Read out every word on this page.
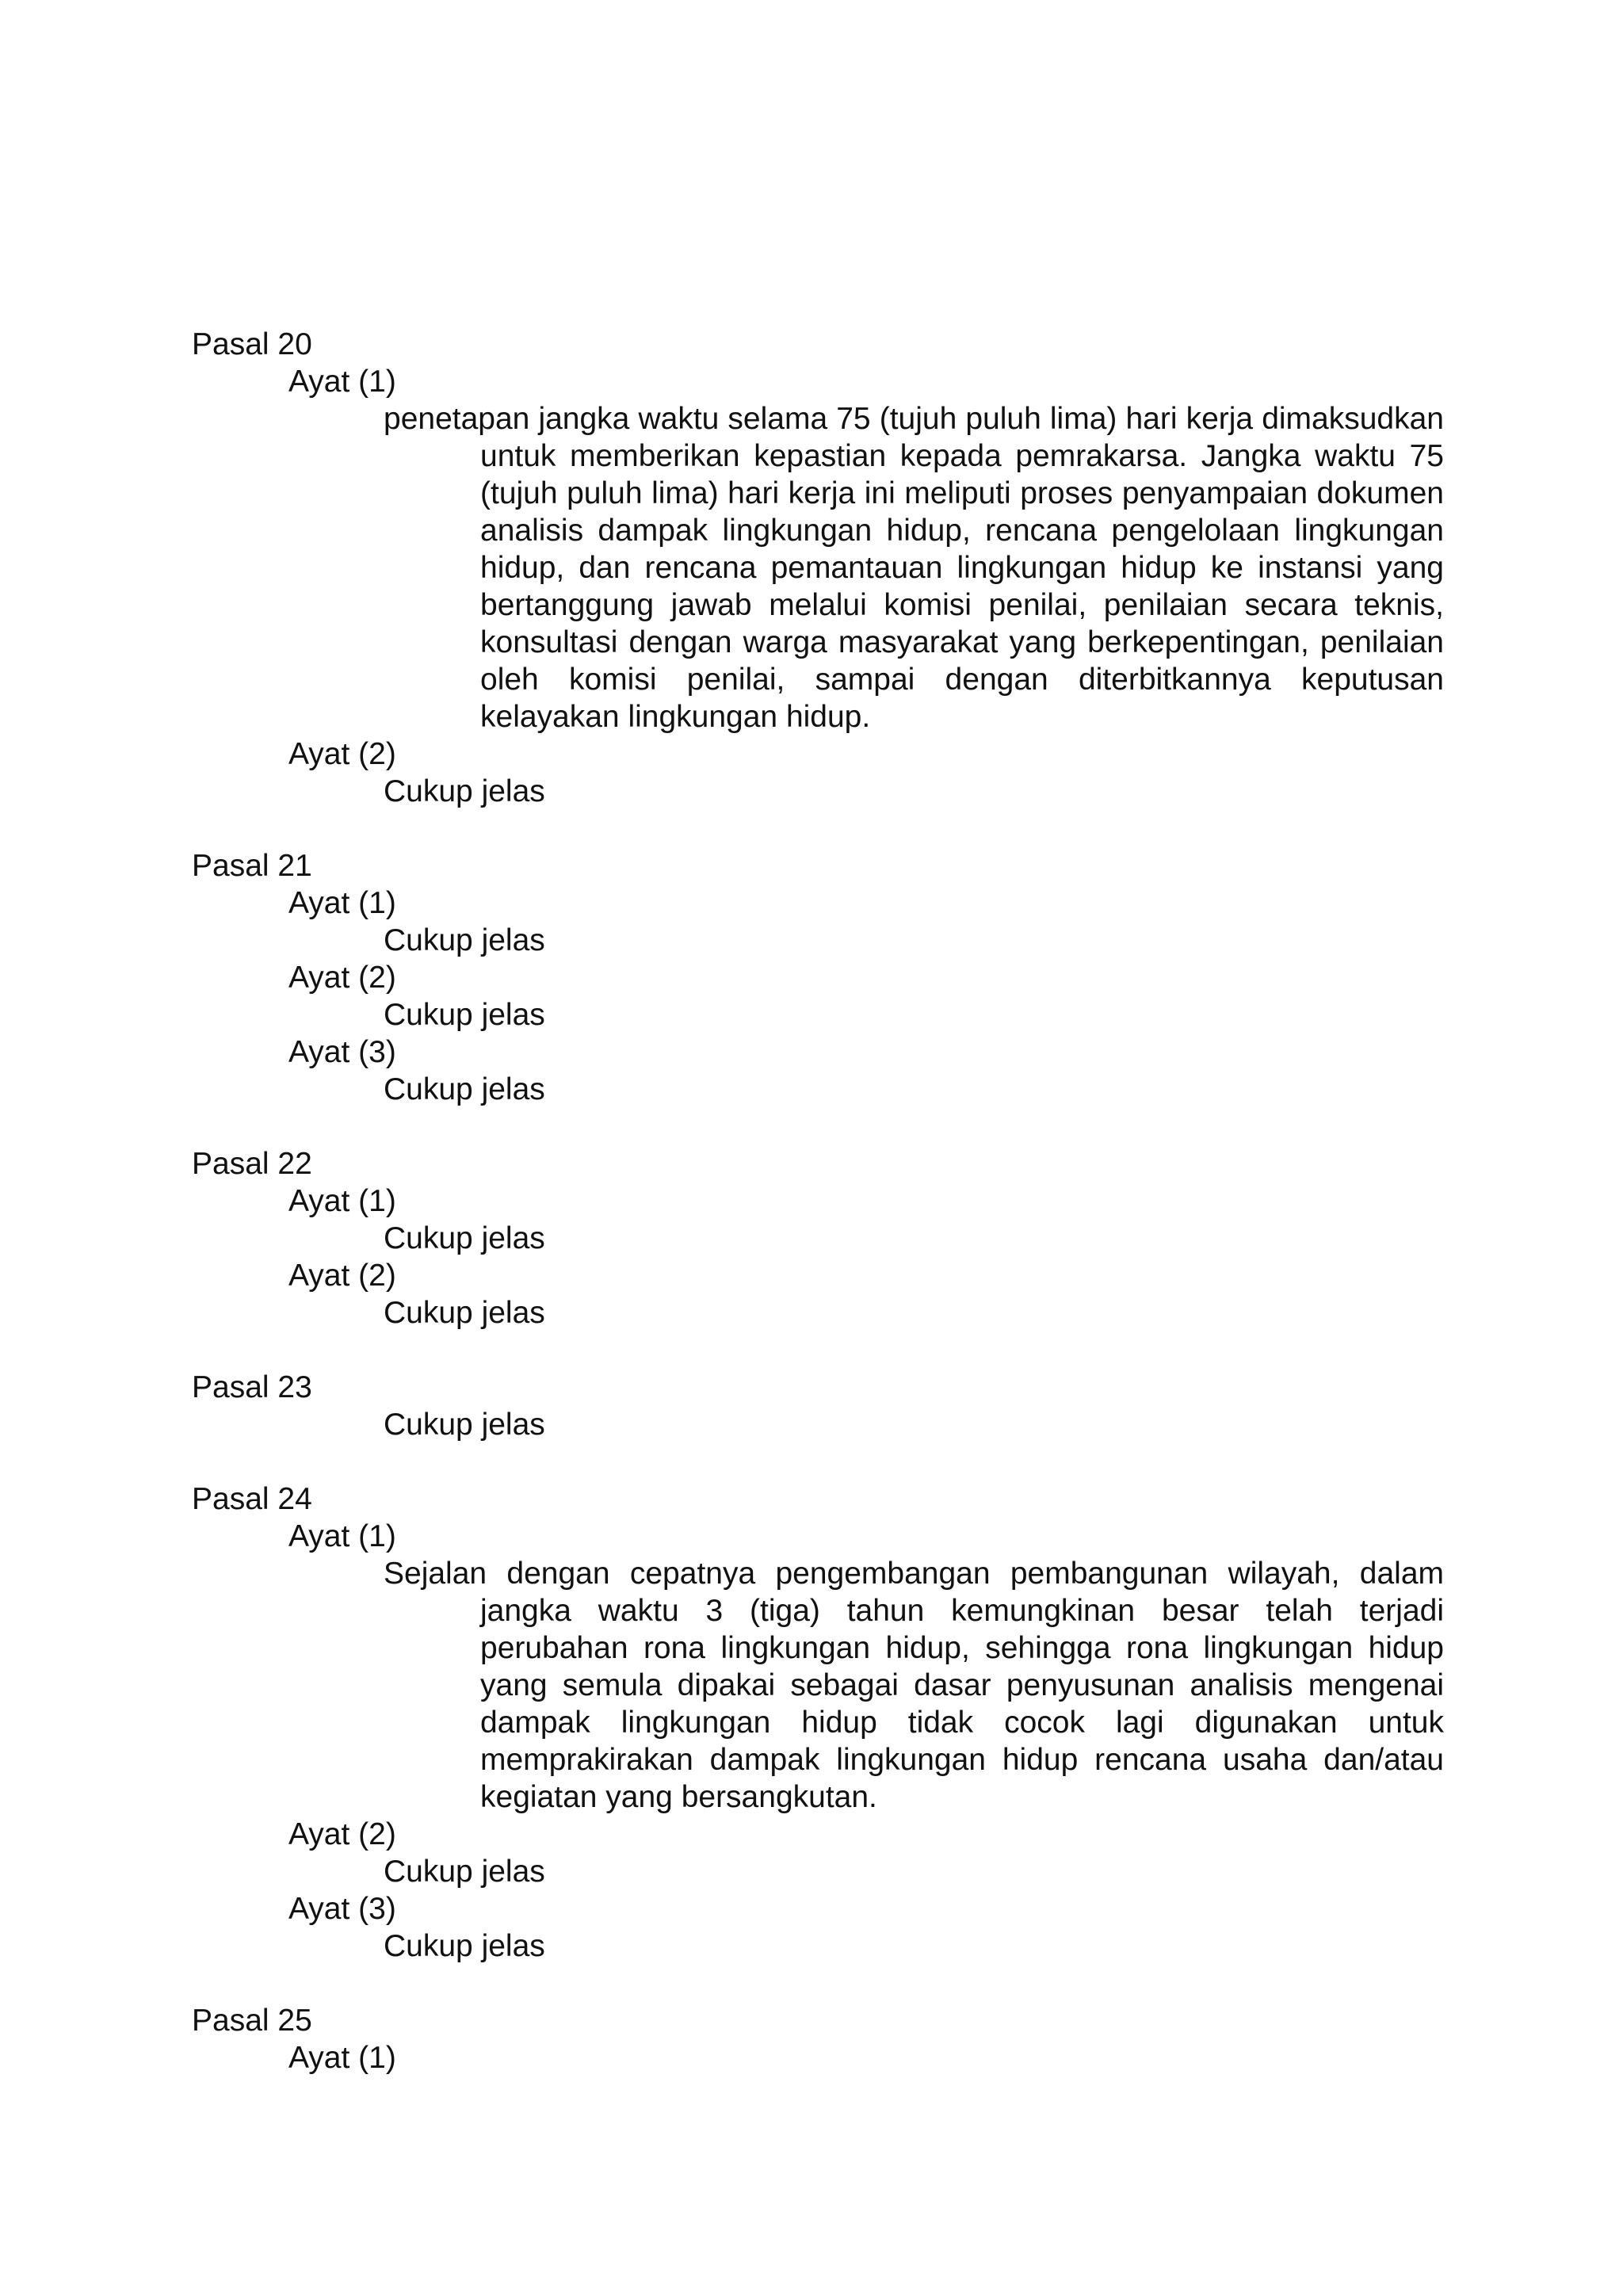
Pasal 20
Ayat (1)
penetapan jangka waktu selama 75 (tujuh puluh lima) hari kerja dimaksudkan untuk memberikan kepastian kepada pemrakarsa. Jangka waktu 75 (tujuh puluh lima) hari kerja ini meliputi proses penyampaian dokumen analisis dampak lingkungan hidup, rencana pengelolaan lingkungan hidup, dan rencana pemantauan lingkungan hidup ke instansi yang bertanggung jawab melalui komisi penilai, penilaian secara teknis, konsultasi dengan warga masyarakat yang berkepentingan, penilaian oleh komisi penilai, sampai dengan diterbitkannya keputusan kelayakan lingkungan hidup.
Ayat (2)
Cukup jelas
Pasal 21
Ayat (1)
Cukup jelas
Ayat (2)
Cukup jelas
Ayat (3)
Cukup jelas
Pasal 22
Ayat (1)
Cukup jelas
Ayat (2)
Cukup jelas
Pasal 23
Cukup jelas
Pasal 24
Ayat (1)
Sejalan dengan cepatnya pengembangan pembangunan wilayah, dalam jangka waktu 3 (tiga) tahun kemungkinan besar telah terjadi perubahan rona lingkungan hidup, sehingga rona lingkungan hidup yang semula dipakai sebagai dasar penyusunan analisis mengenai dampak lingkungan hidup tidak cocok lagi digunakan untuk memprakirakan dampak lingkungan hidup rencana usaha dan/atau kegiatan yang bersangkutan.
Ayat (2)
Cukup jelas
Ayat (3)
Cukup jelas
Pasal 25
Ayat (1)
